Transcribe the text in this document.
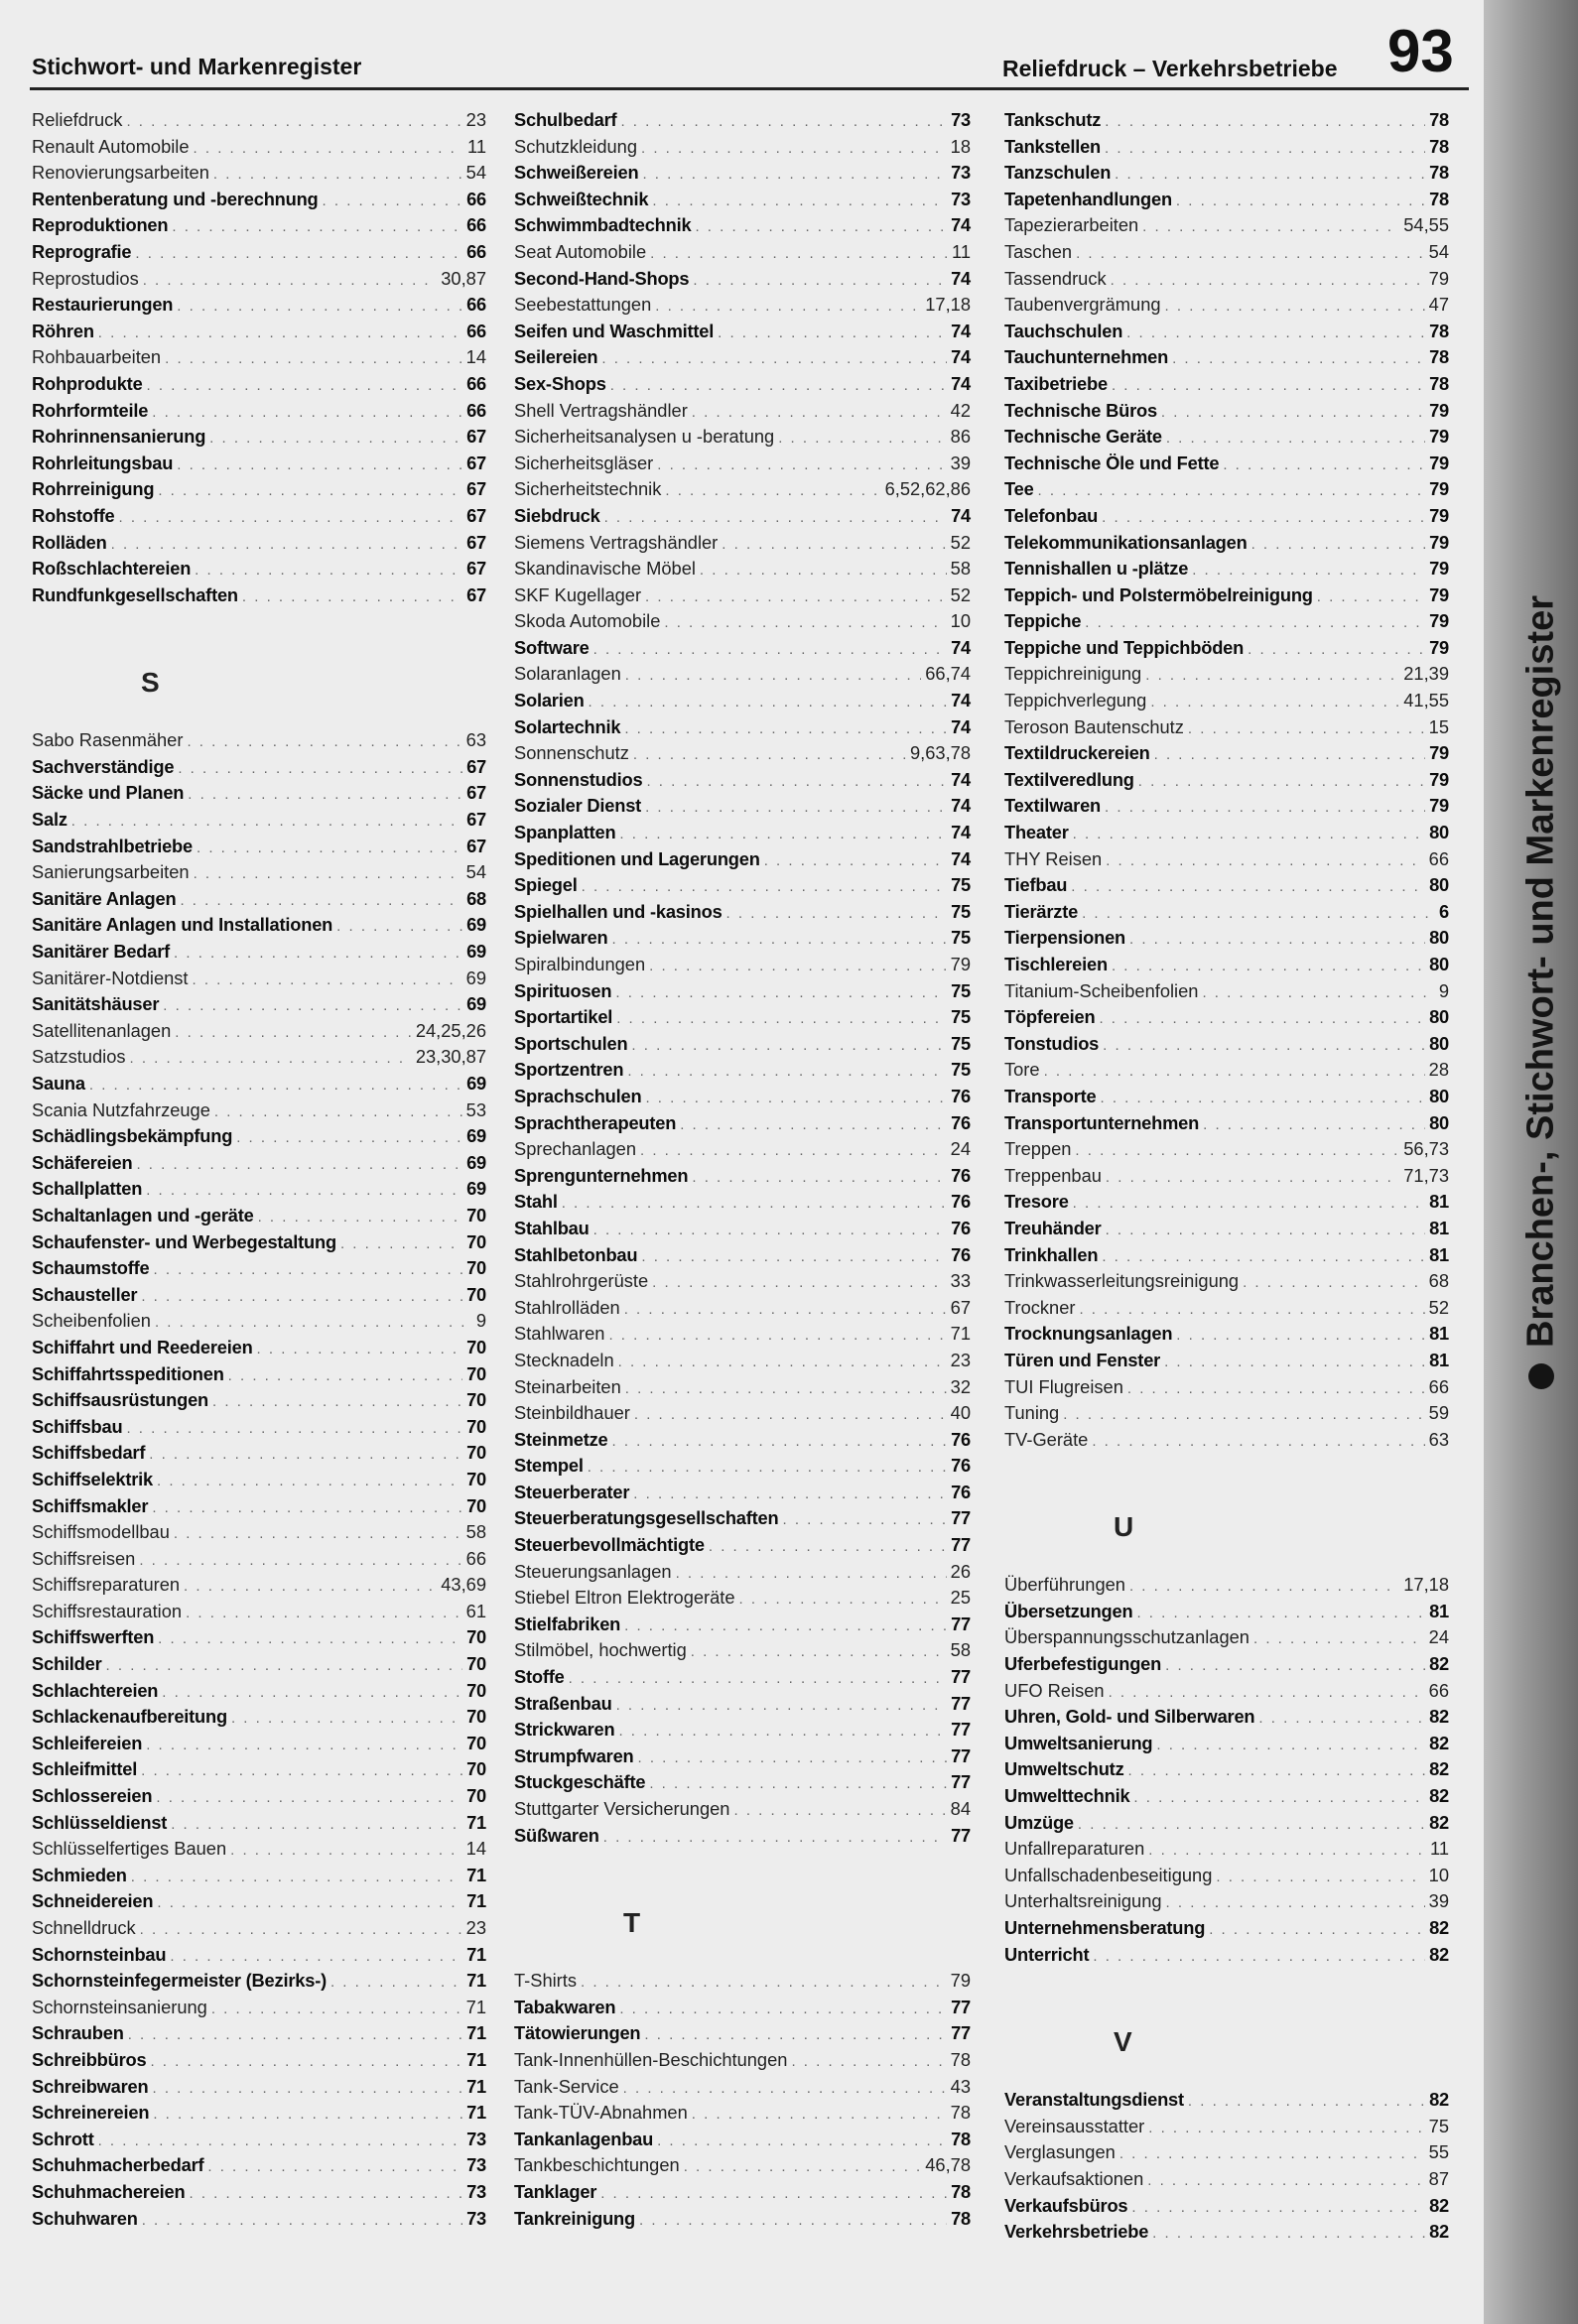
Stichwort- und Markenregister	Reliefdruck – Verkehrsbetriebe 93
Reliefdruck . . .	23
Renault Automobile . . .	11
Renovierungsarbeiten . . .	54
Rentenberatung und -berechnung . . .	66
Reproduktionen . . .	66
Reprografie . . .	66
Reprostudios . . .	30,87
Restaurierungen . . .	66
Röhren . . .	66
Rohbauarbeiten . . .	14
Rohprodukte . . .	66
Rohrformteile . . .	66
Rohrinnensanierung . . .	67
Rohrleitungsbau . . .	67
Rohrreinigung . . .	67
Rohstoffe . . .	67
Rolläden . . .	67
Roßschlachtereien . . .	67
Rundfunkgesellschaften . . .	67
S
Sabo Rasenmäher . . .	63
Sachverständige . . .	67
Säcke und Planen . . .	67
Salz . . .	67
Sandstrahlbetriebe . . .	67
Sanierungsarbeiten . . .	54
Sanitäre Anlagen . . .	68
Sanitäre Anlagen und Installationen . . .	69
Sanitärer Bedarf . . .	69
Sanitärer-Notdienst . . .	69
Sanitätshäuser . . .	69
Satellitenanlagen . . .	24,25,26
Satzstudios . . .	23,30,87
Sauna . . .	69
Scania Nutzfahrzeuge . . .	53
Schädlingsbekämpfung . . .	69
Schäfereien . . .	69
Schallplatten . . .	69
Schaltanlagen und -geräte . . .	70
Schaufenster- und Werbegestaltung . . .	70
Schaumstoffe . . .	70
Schausteller . . .	70
Scheibenfolien . . .	9
Schiffahrt und Reedereien . . .	70
Schiffahrtsspeditionen . . .	70
Schiffsausrüstungen . . .	70
Schiffsbau . . .	70
Schiffsbedarf . . .	70
Schiffselektrik . . .	70
Schiffsmakler . . .	70
Schiffsmodellbau . . .	58
Schiffsreisen . . .	66
Schiffsreparaturen . . .	43,69
Schiffsrestauration . . .	61
Schiffswerften . . .	70
Schilder . . .	70
Schlachtereien . . .	70
Schlackenaufbereitung . . .	70
Schleifereien . . .	70
Schleifmittel . . .	70
Schlossereien . . .	70
Schlüsseldienst . . .	71
Schlüsselfertiges Bauen . . .	14
Schmieden . . .	71
Schneidereien . . .	71
Schnelldruck . . .	23
Schornsteinbau . . .	71
Schornsteinfegermeister (Bezirks-) . . .	71
Schornsteinsanierung . . .	71
Schrauben . . .	71
Schreibbüros . . .	71
Schreibwaren . . .	71
Schreinereien . . .	71
Schrott . . .	73
Schuhmacherbedarf . . .	73
Schuhmachereien . . .	73
Schuhwaren . . .	73
Schulbedarf . . .	73
Schutzkleidung . . .	18
Schweißereien . . .	73
Schweißtechnik . . .	73
Schwimmbadtechnik . . .	74
Seat Automobile . . .	11
Second-Hand-Shops . . .	74
Seebestattungen . . .	17,18
Seifen und Waschmittel . . .	74
Seilereien . . .	74
Sex-Shops . . .	74
Shell Vertragshändler . . .	42
Sicherheitsanalysen u -beratung . . .	86
Sicherheitsgläser . . .	39
Sicherheitstechnik . . .	6,52,62,86
Siebdruck . . .	74
Siemens Vertragshändler . . .	52
Skandinavische Möbel . . .	58
SKF Kugellager . . .	52
Skoda Automobile . . .	10
Software . . .	74
Solaranlagen . . .	66,74
Solarien . . .	74
Solartechnik . . .	74
Sonnenschutz . . .	9,63,78
Sonnenstudios . . .	74
Sozialer Dienst . . .	74
Spanplatten . . .	74
Speditionen und Lagerungen . . .	74
Spiegel . . .	75
Spielhallen und -kasinos . . .	75
Spielwaren . . .	75
Spiralbindungen . . .	79
Spirituosen . . .	75
Sportartikel . . .	75
Sportschulen . . .	75
Sportzentren . . .	75
Sprachschulen . . .	76
Sprachtherapeuten . . .	76
Sprechanlagen . . .	24
Sprengunternehmen . . .	76
Stahl . . .	76
Stahlbau . . .	76
Stahlbetonbau . . .	76
Stahlrohrgerüste . . .	33
Stahlrolläden . . .	67
Stahlwaren . . .	71
Stecknadeln . . .	23
Steinarbeiten . . .	32
Steinbildhauer . . .	40
Steinmetze . . .	76
Stempel . . .	76
Steuerberater . . .	76
Steuerberatungsgesellschaften . . .	77
Steuerbevollmächtigte . . .	77
Steuerungsanlagen . . .	26
Stiebel Eltron Elektrogeräte . . .	25
Stielfabriken . . .	77
Stilmöbel, hochwertig . . .	58
Stoffe . . .	77
Straßenbau . . .	77
Strickwaren . . .	77
Strumpfwaren . . .	77
Stuckgeschäfte . . .	77
Stuttgarter Versicherungen . . .	84
Süßwaren . . .	77
T
T-Shirts . . .	79
Tabakwaren . . .	77
Tätowierungen . . .	77
Tank-Innenhüllen-Beschichtungen . . .	78
Tank-Service . . .	43
Tank-TÜV-Abnahmen . . .	78
Tankanlagenbau . . .	78
Tankbeschichtungen . . .	46,78
Tanklager . . .	78
Tankreinigung . . .	78
Tankschutz . . .	78
Tankstellen . . .	78
Tanzschulen . . .	78
Tapetenhandlungen . . .	78
Tapezierarbeiten . . .	54,55
Taschen . . .	54
Tassendruck . . .	79
Taubenvergrämung . . .	47
Tauchschulen . . .	78
Tauchunternehmen . . .	78
Taxibetriebe . . .	78
Technische Büros . . .	79
Technische Geräte . . .	79
Technische Öle und Fette . . .	79
Tee . . .	79
Telefonbau . . .	79
Telekommunikationsanlagen . . .	79
Tennishallen u -plätze . . .	79
Teppich- und Polstermöbelreinigung . . .	79
Teppiche . . .	79
Teppiche und Teppichböden . . .	79
Teppichreinigung . . .	21,39
Teppichverlegung . . .	41,55
Teroson Bautenschutz . . .	15
Textildruckereien . . .	79
Textilveredlung . . .	79
Textilwaren . . .	79
Theater . . .	80
THY Reisen . . .	66
Tiefbau . . .	80
Tierärzte . . .	6
Tierpensionen . . .	80
Tischlereien . . .	80
Titanium-Scheibenfolien . . .	9
Töpfereien . . .	80
Tonstudios . . .	80
Tore . . .	28
Transporte . . .	80
Transportunternehmen . . .	80
Treppen . . .	56,73
Treppenbau . . .	71,73
Tresore . . .	81
Treuhänder . . .	81
Trinkhallen . . .	81
Trinkwasserleitungsreinigung . . .	68
Trockner . . .	52
Trocknungsanlagen . . .	81
Türen und Fenster . . .	81
TUI Flugreisen . . .	66
Tuning . . .	59
TV-Geräte . . .	63
U
Überführungen . . .	17,18
Übersetzungen . . .	81
Überspannungsschutzanlagen . . .	24
Uferbefestigungen . . .	82
UFO Reisen . . .	66
Uhren, Gold- und Silberwaren . . .	82
Umweltsanierung . . .	82
Umweltschutz . . .	82
Umwelttechnik . . .	82
Umzüge . . .	82
Unfallreparaturen . . .	11
Unfallschadenbeseitigung . . .	10
Unterhaltsreinigung . . .	39
Unternehmensberatung . . .	82
Unterricht . . .	82
V
Veranstaltungsdienst . . .	82
Vereinsausstatter . . .	75
Verglasungen . . .	55
Verkaufsaktionen . . .	87
Verkaufsbüros . . .	82
Verkehrsbetriebe . . .	82
Branchen-, Stichwort- und Markenregister
